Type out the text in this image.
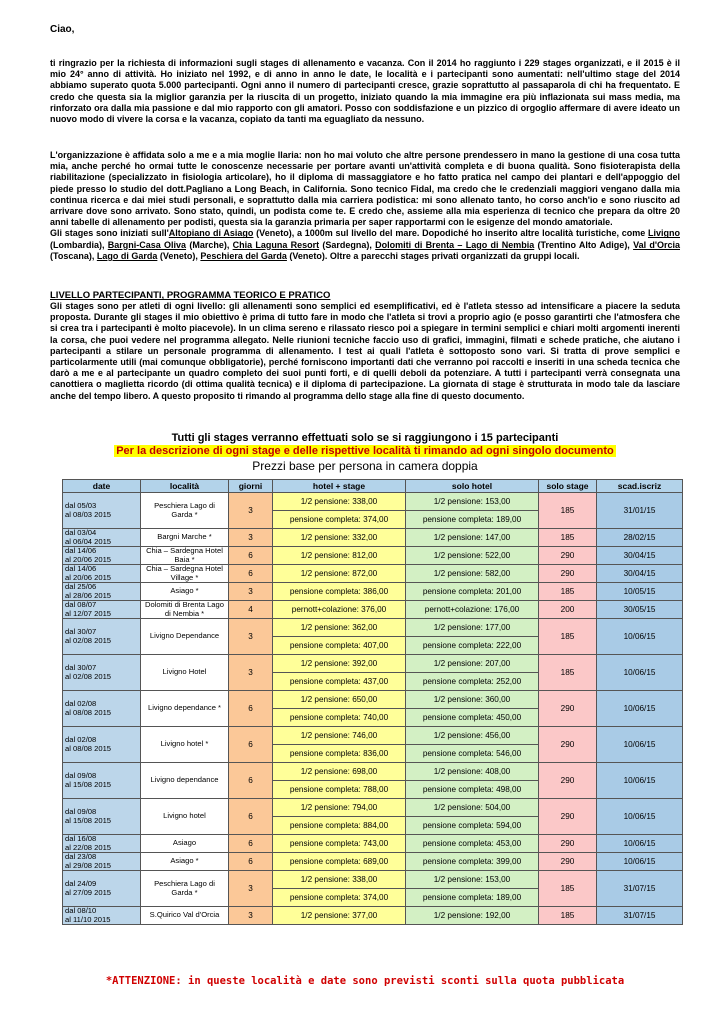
Ciao,

ti ringrazio per la richiesta di informazioni sugli stages di allenamento e vacanza. Con il 2014 ho raggiunto i 229 stages organizzati, e il 2015 è il mio 24° anno di attività. Ho iniziato nel 1992, e di anno in anno le date, le località e i partecipanti sono aumentati: nell'ultimo stage del 2014 abbiamo superato quota 5.000 partecipanti. Ogni anno il numero di partecipanti cresce, grazie soprattutto al passaparola di chi ha frequentato. E credo che questa sia la miglior garanzia per la riuscita di un progetto, iniziato quando la mia immagine era più inflazionata sui mass media, ma rinforzato ora dalla mia passione e dal mio rapporto con gli amatori. Posso con soddisfazione e un pizzico di orgoglio affermare di avere ideato un nuovo modo di vivere la corsa e la vacanza, copiato da tanti ma eguagliato da nessuno.

L'organizzazione è affidata solo a me e a mia moglie Ilaria: non ho mai voluto che altre persone prendessero in mano la gestione di una cosa tutta mia, anche perché ho ormai tutte le conoscenze necessarie per portare avanti un'attività completa e di buona qualità. Sono fisioterapista della riabilitazione (specializzato in fisiologia articolare), ho il diploma di massaggiatore e ho fatto pratica nel campo dei plantari e dell'appoggio del piede presso lo studio del dott.Pagliano a Long Beach, in California. Sono tecnico Fidal, ma credo che le credenziali maggiori vengano dalla mia continua ricerca e dai miei studi personali, e soprattutto dalla mia carriera podistica: mi sono allenato tanto, ho corso anch'io e sono riuscito ad arrivare dove sono arrivato. Sono stato, quindi, un podista come te. E credo che, assieme alla mia esperienza di tecnico che prepara da oltre 20 anni tabelle di allenamento per podisti, questa sia la garanzia primaria per saper rapportarmi con le esigenze del mondo amatoriale.

Gli stages sono iniziati sull'Altopiano di Asiago (Veneto), a 1000m sul livello del mare. Dopodiché ho inserito altre località turistiche, come Livigno (Lombardia), Bargni-Casa Oliva (Marche), Chia Laguna Resort (Sardegna), Dolomiti di Brenta – Lago di Nembia (Trentino Alto Adige), Val d'Orcia (Toscana), Lago di Garda (Veneto), Peschiera del Garda (Veneto). Oltre a parecchi stages privati organizzati da gruppi locali.

LIVELLO PARTECIPANTI, PROGRAMMA TEORICO E PRATICO

Gli stages sono per atleti di ogni livello: gli allenamenti sono semplici ed esemplificativi, ed è l'atleta stesso ad intensificare a piacere la seduta proposta. Durante gli stages il mio obiettivo è prima di tutto fare in modo che l'atleta si trovi a proprio agio (e posso garantirti che l'atmosfera che si crea tra i partecipanti è molto piacevole). In un clima sereno e rilassato riesco poi a spiegare in termini semplici e chiari molti argomenti inerenti la corsa, che puoi vedere nel programma allegato. Nelle riunioni tecniche faccio uso di grafici, immagini, filmati e schede pratiche, che aiutano i partecipanti a stilare un personale programma di allenamento. I test ai quali l'atleta è sottoposto sono vari. Si tratta di prove semplici e particolarmente utili (mai comunque obbligatorie), perché forniscono importanti dati che verranno poi raccolti e inseriti in una scheda tecnica che darò a me e al partecipante un quadro completo dei suoi punti forti, e di quelli deboli da potenziare. A tutti i partecipanti verrà consegnata una canottiera o maglietta ricordo (di ottima qualità tecnica) e il diploma di partecipazione. La giornata di stage è strutturata in modo tale da lasciare anche del tempo libero. A questo proposito ti rimando al programma dello stage alla fine di questo documento.

Tutti gli stages verranno effettuati solo se si raggiungono i 15 partecipanti
Per la descrizione di ogni stage e delle rispettive località ti rimando ad ogni singolo documento
Prezzi base per persona in camera doppia
date	località	giorni	hotel + stage	solo hotel	solo stage	scad.iscriz
dal 05/03
al 08/03 2015	Peschiera Lago di Garda *	3	1/2 pensione: 338,00	1/2 pensione: 153,00	185	31/01/15
			pensione completa: 374,00	pensione completa: 189,00		
dal 03/04
al 06/04 2015	Bargni Marche *	3	1/2 pensione: 332,00	1/2 pensione: 147,00	185	28/02/15
dal 14/06
al 20/06 2015	Chia – Sardegna Hotel Baia *	6	1/2 pensione: 812,00	1/2 pensione: 522,00	290	30/04/15
dal 14/06
al 20/06 2015	Chia – Sardegna Hotel Village *	6	1/2 pensione: 872,00	1/2 pensione: 582,00	290	30/04/15
dal 25/06
al 28/06 2015	Asiago *	3	pensione completa: 386,00	pensione completa: 201,00	185	10/05/15
dal 08/07
al 12/07 2015	Dolomiti di Brenta Lago di Nembia *	4	pernott+colazione: 376,00	pernott+colazione: 176,00	200	30/05/15
dal 30/07
al 02/08 2015	Livigno Dependance	3	1/2 pensione: 362,00	1/2 pensione: 177,00	185	10/06/15
			pensione completa: 407,00	pensione completa: 222,00		
dal 30/07
al 02/08 2015	Livigno Hotel	3	1/2 pensione: 392,00	1/2 pensione: 207,00	185	10/06/15
			pensione completa: 437,00	pensione completa: 252,00		
dal 02/08
al 08/08 2015	Livigno dependance *	6	1/2 pensione: 650,00	1/2 pensione: 360,00	290	10/06/15
			pensione completa: 740,00	pensione completa: 450,00		
dal 02/08
al 08/08 2015	Livigno hotel *	6	1/2 pensione: 746,00	1/2 pensione: 456,00	290	10/06/15
			pensione completa: 836,00	pensione completa: 546,00		
dal 09/08
al 15/08 2015	Livigno dependance	6	1/2 pensione: 698,00	1/2 pensione: 408,00	290	10/06/15
			pensione completa: 788,00	pensione completa: 498,00		
dal 09/08
al 15/08 2015	Livigno hotel	6	1/2 pensione: 794,00	1/2 pensione: 504,00	290	10/06/15
			pensione completa: 884,00	pensione completa: 594,00		
dal 16/08
al 22/08 2015	Asiago	6	pensione completa: 743,00	pensione completa: 453,00	290	10/06/15
dal 23/08
al 29/08 2015	Asiago *	6	pensione completa: 689,00	pensione completa: 399,00	290	10/06/15
dal 24/09
al 27/09 2015	Peschiera Lago di Garda *	3	1/2 pensione: 338,00	1/2 pensione: 153,00	185	31/07/15
			pensione completa: 374,00	pensione completa: 189,00		
dal 08/10
al 11/10 2015	S.Quirico Val d'Orcia	3	1/2 pensione: 377,00	1/2 pensione: 192,00	185	31/07/15
*ATTENZIONE: in queste località e date sono previsti sconti sulla quota pubblicata
